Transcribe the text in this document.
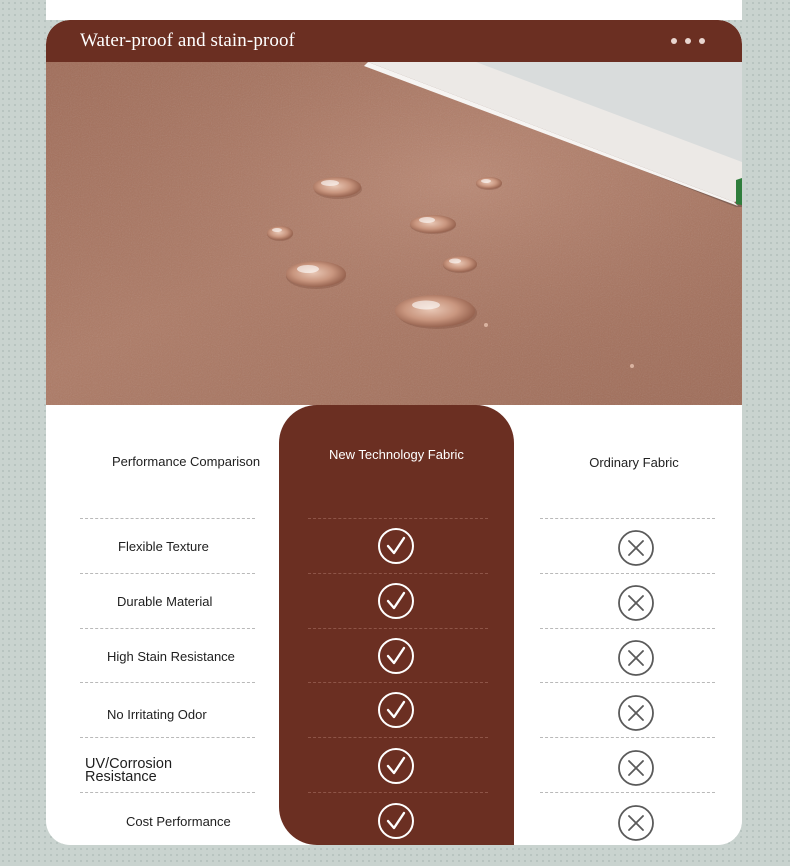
Water-proof and stain-proof
Performance Comparison	New Technology Fabric
Ordinary Fabric
Flexible Texture
Durable Material
High Stain Resistance
No Irritating Odor
UV/Corrosion Resistance
Cost Performance
